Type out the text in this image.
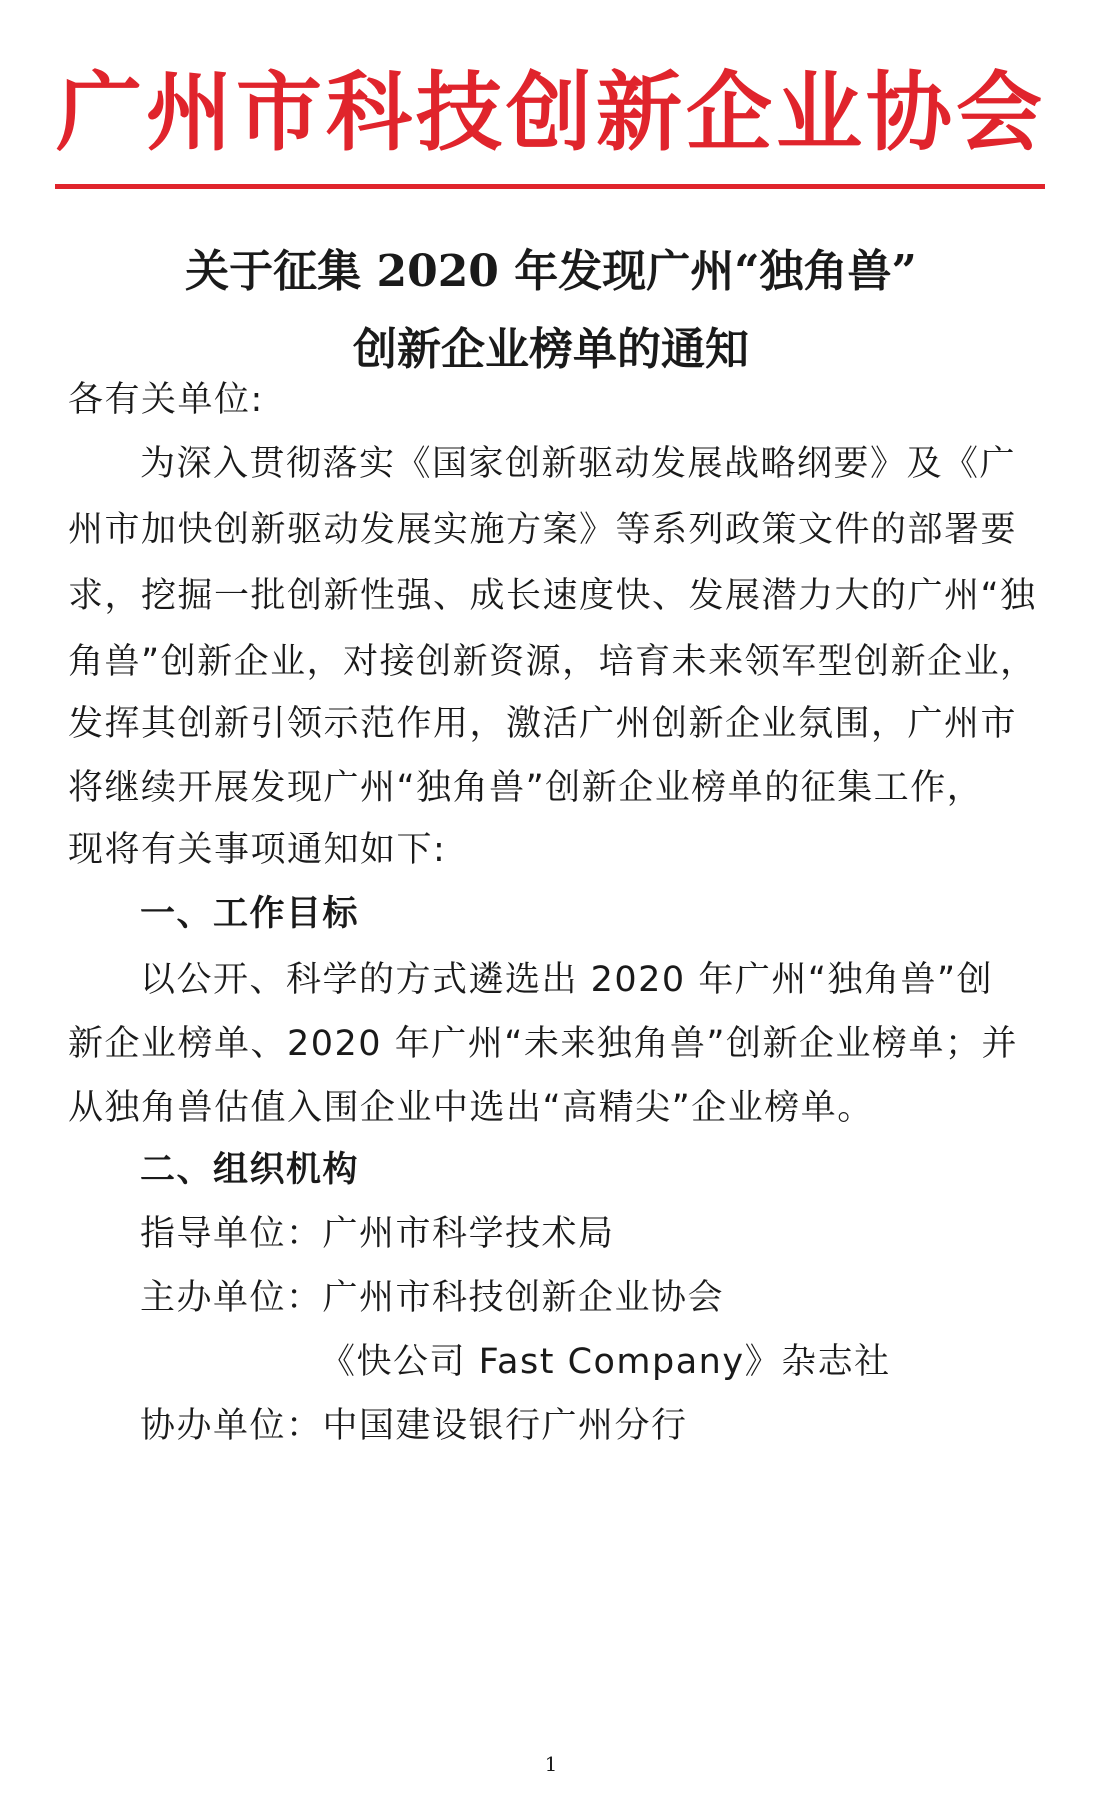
广州市科技创新企业协会
关于征集 2020 年发现广州“独角兽”
创新企业榜单的通知
各有关单位:
为深入贯彻落实《国家创新驱动发展战略纲要》及《广
州市加快创新驱动发展实施方案》等系列政策文件的部署要
求，挖掘一批创新性强、成长速度快、发展潜力大的广州“独
角兽”创新企业，对接创新资源，培育未来领军型创新企业，
发挥其创新引领示范作用，激活广州创新企业氛围，广州市
将继续开展发现广州“独角兽”创新企业榜单的征集工作，
现将有关事项通知如下:
一、工作目标
以公开、科学的方式遴选出 2020 年广州“独角兽”创
新企业榜单、2020 年广州“未来独角兽”创新企业榜单；并
从独角兽估值入围企业中选出“高精尖”企业榜单。
二、组织机构
指导单位：广州市科学技术局
主办单位：广州市科技创新企业协会
《快公司 Fast Company》杂志社
协办单位：中国建设银行广州分行
1
